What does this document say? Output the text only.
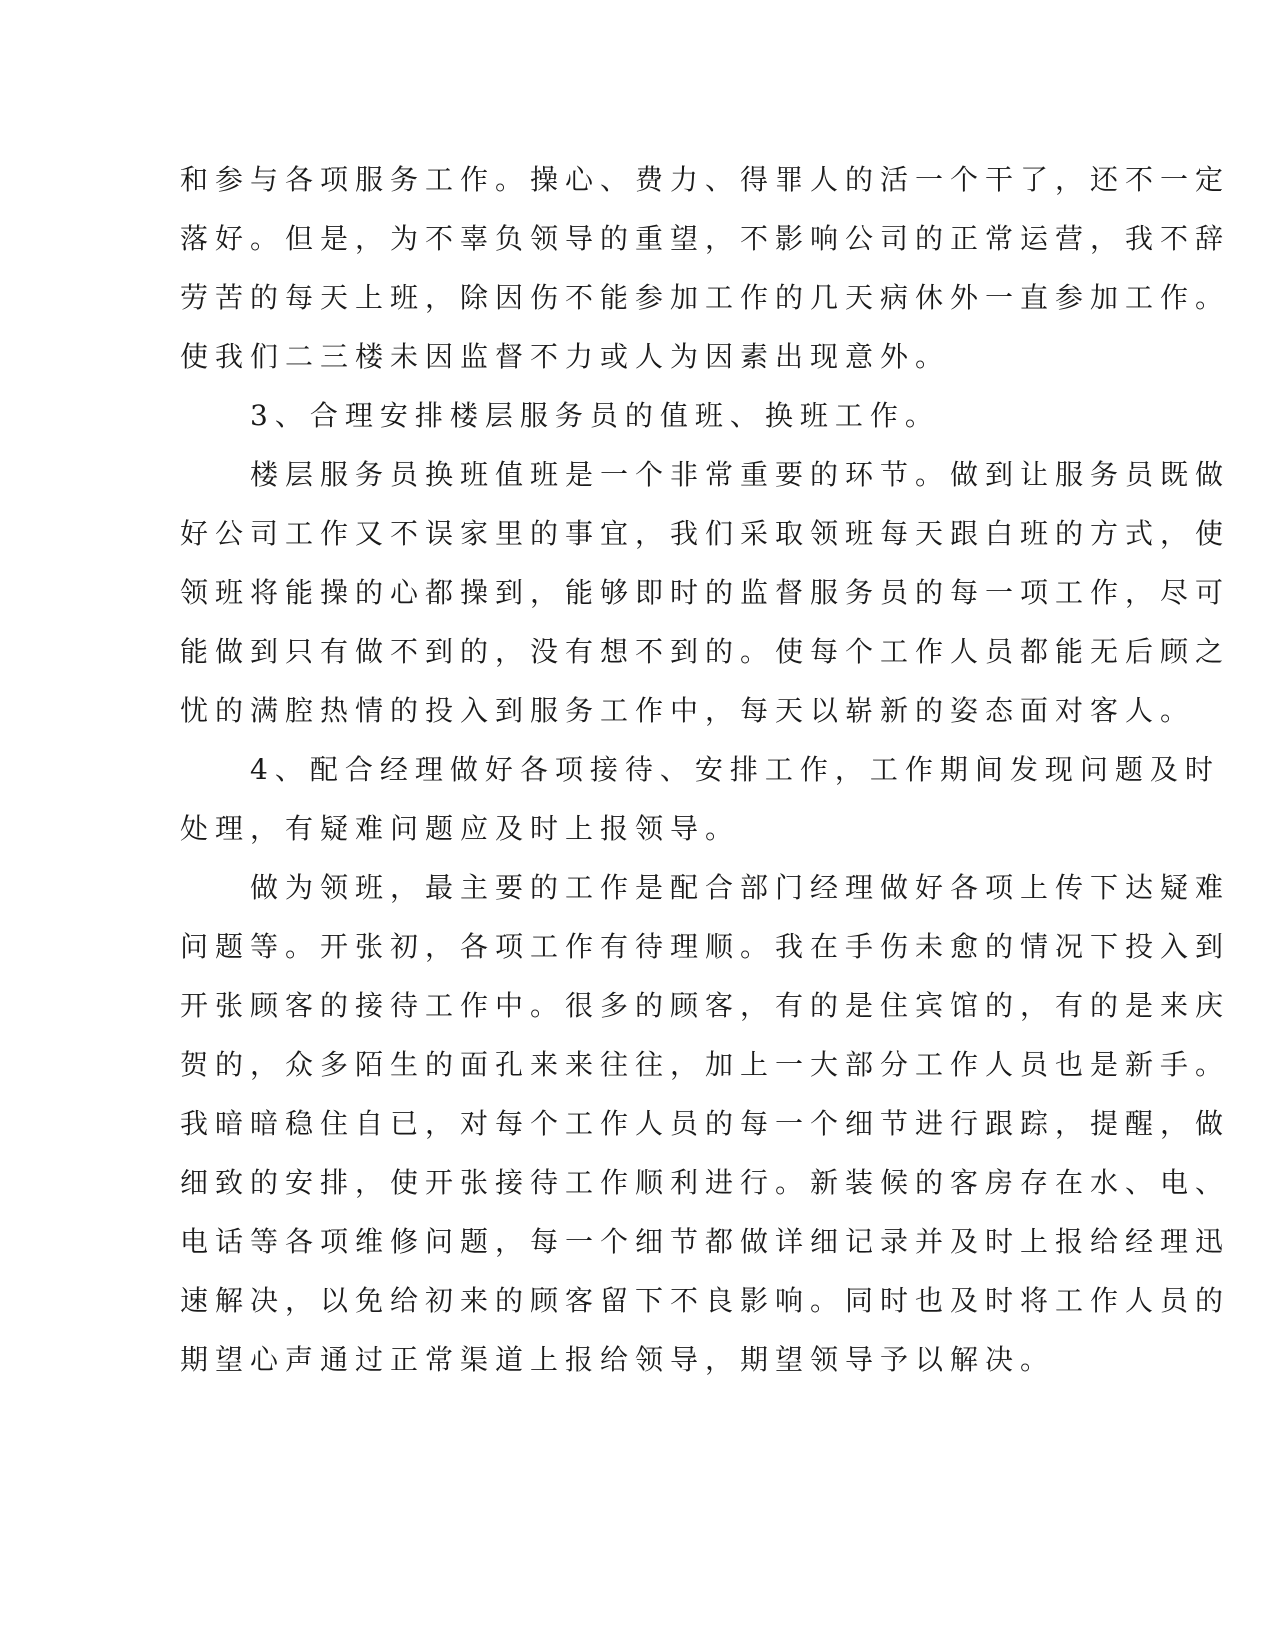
和参与各项服务工作。操心、费力、得罪人的活一个干了，还不一定
落好。但是，为不辜负领导的重望，不影响公司的正常运营，我不辞
劳苦的每天上班，除因伤不能参加工作的几天病休外一直参加工作。
使我们二三楼未因监督不力或人为因素出现意外。
3、合理安排楼层服务员的值班、换班工作。
楼层服务员换班值班是一个非常重要的环节。做到让服务员既做
好公司工作又不误家里的事宜，我们采取领班每天跟白班的方式，使
领班将能操的心都操到，能够即时的监督服务员的每一项工作，尽可
能做到只有做不到的，没有想不到的。使每个工作人员都能无后顾之
忧的满腔热情的投入到服务工作中，每天以崭新的姿态面对客人。
4、配合经理做好各项接待、安排工作，工作期间发现问题及时
处理，有疑难问题应及时上报领导。
做为领班，最主要的工作是配合部门经理做好各项上传下达疑难
问题等。开张初，各项工作有待理顺。我在手伤未愈的情况下投入到
开张顾客的接待工作中。很多的顾客，有的是住宾馆的，有的是来庆
贺的，众多陌生的面孔来来往往，加上一大部分工作人员也是新手。
我暗暗稳住自已，对每个工作人员的每一个细节进行跟踪，提醒，做
细致的安排，使开张接待工作顺利进行。新装候的客房存在水、电、
电话等各项维修问题，每一个细节都做详细记录并及时上报给经理迅
速解决，以免给初来的顾客留下不良影响。同时也及时将工作人员的
期望心声通过正常渠道上报给领导，期望领导予以解决。
